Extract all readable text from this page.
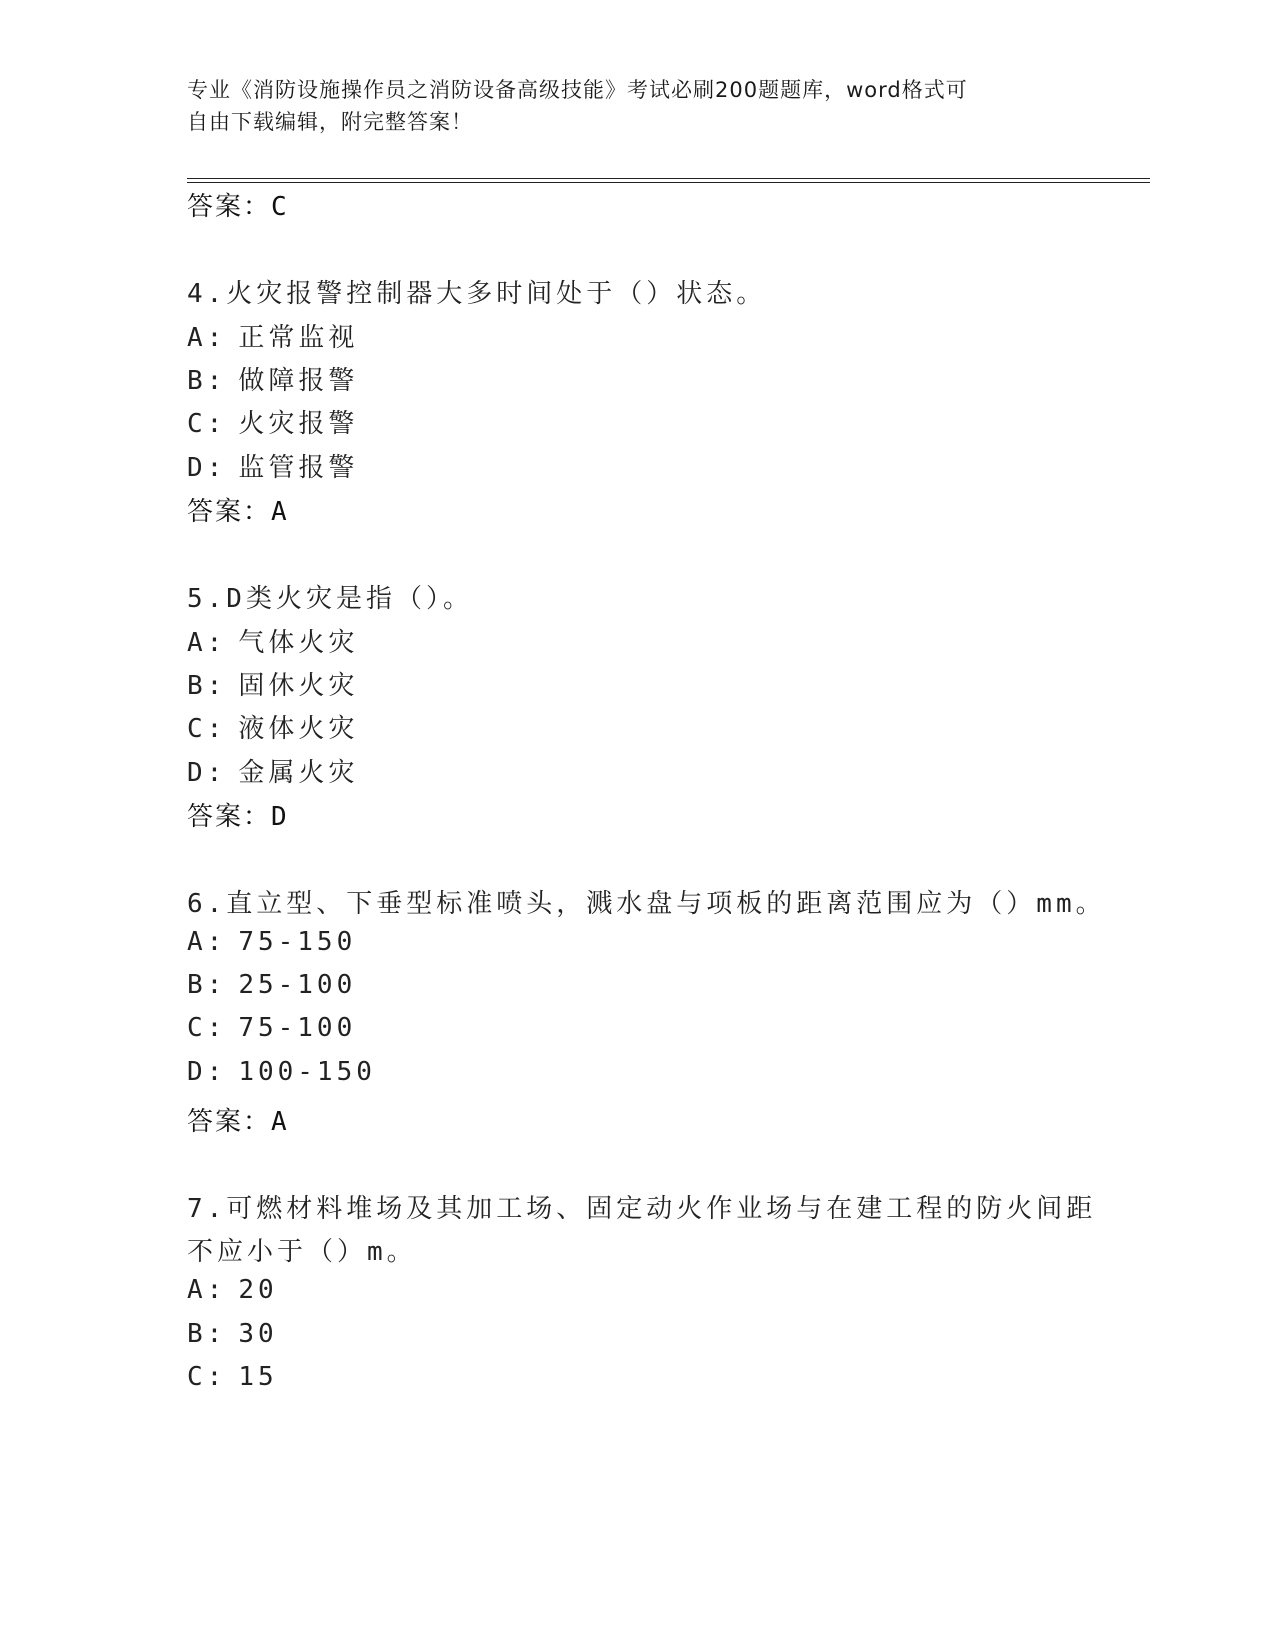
专业《消防设施操作员之消防设备高级技能》考试必刷200题题库，word格式可
自由下载编辑，附完整答案！
答案：C
4.火灾报警控制器大多时间处于（）状态。
A: 正常监视
B: 做障报警
C: 火灾报警
D: 监管报警
答案：A
5.D类火灾是指（）。
A: 气体火灾
B: 固休火灾
C: 液体火灾
D: 金属火灾
答案：D
6.直立型、下垂型标准喷头，溅水盘与项板的距离范围应为（）mm。
A: 75-150
B: 25-100
C: 75-100
D: 100-150
答案：A
7.可燃材料堆场及其加工场、固定动火作业场与在建工程的防火间距
不应小于（）m。
A: 20
B: 30
C: 15
